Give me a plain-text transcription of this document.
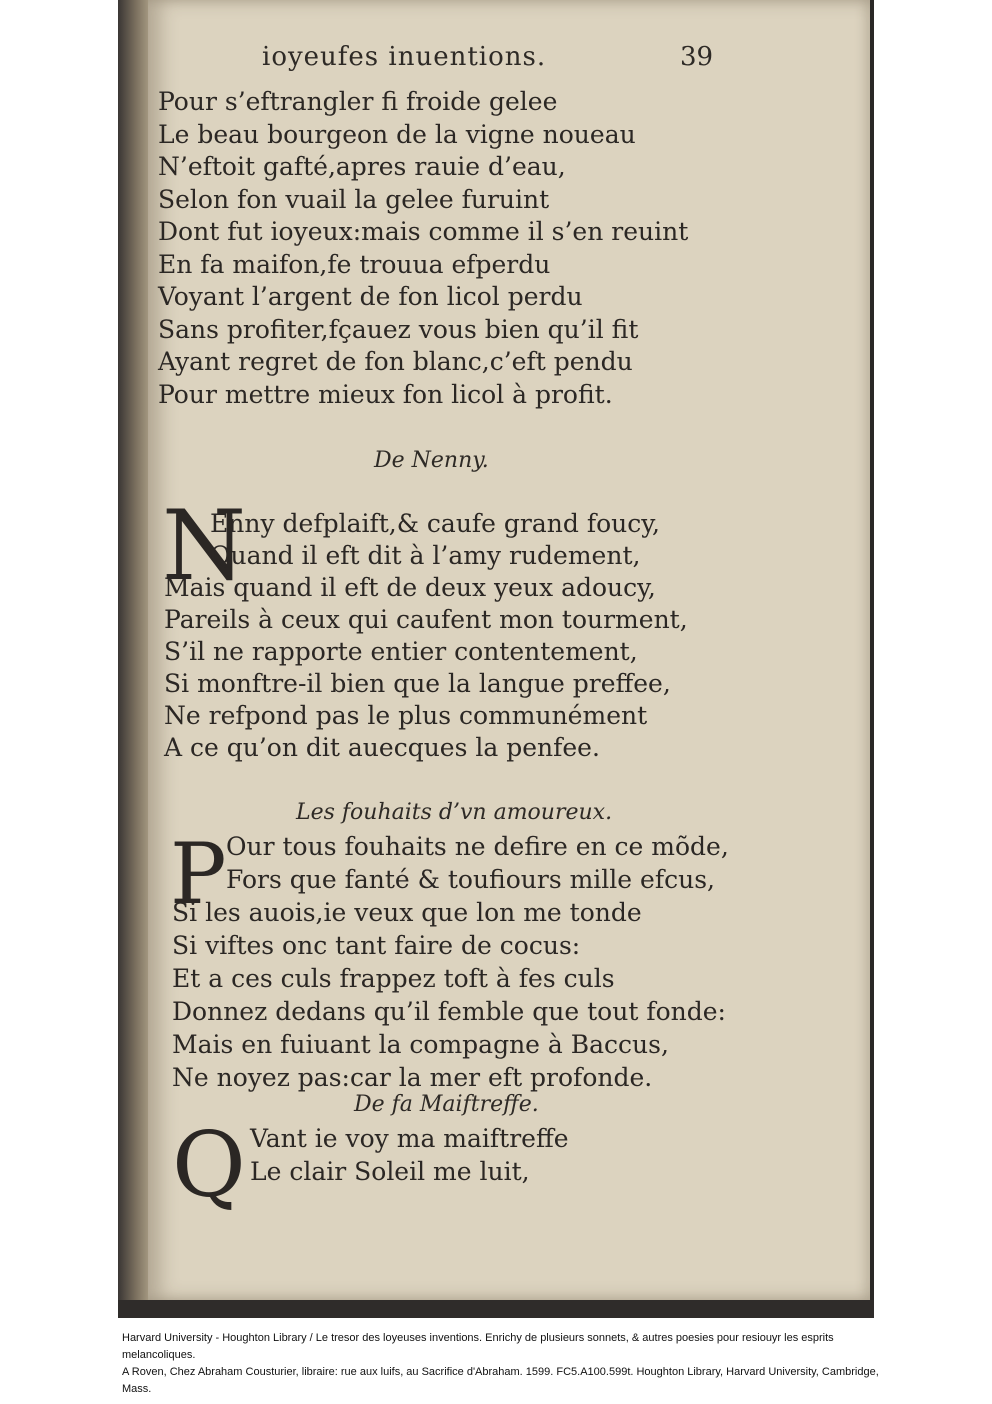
ioyeufes inuentions.	39
Pour s’eftrangler fi froide gelee
Le beau bourgeon de la vigne noueau
N’eftoit gafté,apres rauie d’eau,
Selon fon vuail la gelee furuint
Dont fut ioyeux:mais comme il s’en reuint
En fa maifon,fe trouua efperdu
Voyant l’argent de fon licol perdu
Sans profiter,fçauez vous bien qu’il fit
Ayant regret de fon blanc,c’eft pendu
Pour mettre mieux fon licol à profit.
De Nenny.
N
Enny defplaift,& caufe grand foucy,
Quand il eft dit à l’amy rudement,
Mais quand il eft de deux yeux adoucy,
Pareils à ceux qui caufent mon tourment,
S’il ne rapporte entier contentement,
Si monftre-il bien que la langue preffee,
Ne refpond pas le plus communément
A ce qu’on dit auecques la penfee.
Les fouhaits d’vn amoureux.
P Our tous fouhaits ne defire en ce mõde,
Fors que fanté & toufiours mille efcus,
Si les auois,ie veux que lon me tonde
Si viftes onc tant faire de cocus:
Et a ces culs frappez toft à fes culs
Donnez dedans qu’il femble que tout fonde:
Mais en fuiuant la compagne à Baccus,
Ne noyez pas:car la mer eft profonde.
De fa Maiftreffe.
Q Vant ie voy ma maiftreffe
Le clair Soleil me luit,

Harvard University - Houghton Library / Le tresor des loyeuses inventions. Enrichy de plusieurs sonnets, & autres poesies pour resiouyr les esprits melancoliques.

A Roven, Chez Abraham Cousturier, libraire: rue aux luifs, au Sacrifice d'Abraham. 1599. FC5.A100.599t. Houghton Library, Harvard University, Cambridge, Mass.
